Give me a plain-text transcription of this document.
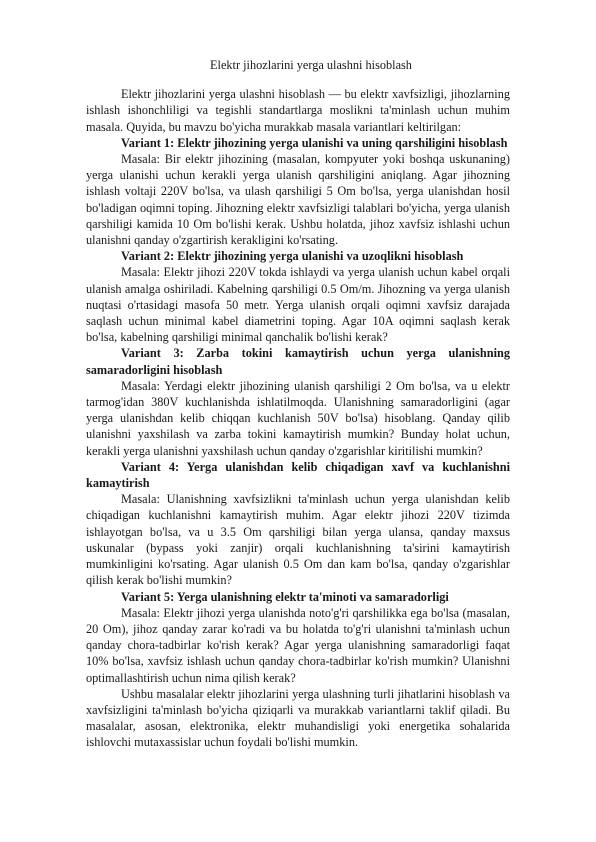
Elektr jihozlarini yerga ulashni hisoblash

Elektr jihozlarini yerga ulashni hisoblash — bu elektr xavfsizligi, jihozlarning ishlash ishonchliligi va tegishli standartlarga moslikni ta'minlash uchun muhim masala. Quyida, bu mavzu bo'yicha murakkab masala variantlari keltirilgan:

Variant 1: Elektr jihozining yerga ulanishi va uning qarshiligini hisoblash

Masala: Bir elektr jihozining (masalan, kompyuter yoki boshqa uskunaning) yerga ulanishi uchun kerakli yerga ulanish qarshiligini aniqlang. Agar jihozning ishlash voltaji 220V bo'lsa, va ulash qarshiligi 5 Om bo'lsa, yerga ulanishdan hosil bo'ladigan oqimni toping. Jihozning elektr xavfsizligi talablari bo'yicha, yerga ulanish qarshiligi kamida 10 Om bo'lishi kerak. Ushbu holatda, jihoz xavfsiz ishlashi uchun ulanishni qanday o'zgartirish kerakligini ko'rsating.

Variant 2: Elektr jihozining yerga ulanishi va uzoqlikni hisoblash

Masala: Elektr jihozi 220V tokda ishlaydi va yerga ulanish uchun kabel orqali ulanish amalga oshiriladi. Kabelning qarshiligi 0.5 Om/m. Jihozning va yerga ulanish nuqtasi o'rtasidagi masofa 50 metr. Yerga ulanish orqali oqimni xavfsiz darajada saqlash uchun minimal kabel diametrini toping. Agar 10A oqimni saqlash kerak bo'lsa, kabelning qarshiligi minimal qanchalik bo'lishi kerak?

Variant 3: Zarba tokini kamaytirish uchun yerga ulanishning samaradorligini hisoblash

Masala: Yerdagi elektr jihozining ulanish qarshiligi 2 Om bo'lsa, va u elektr tarmog'idan 380V kuchlanishda ishlatilmoqda. Ulanishning samaradorligini (agar yerga ulanishdan kelib chiqqan kuchlanish 50V bo'lsa) hisoblang. Qanday qilib ulanishni yaxshilash va zarba tokini kamaytirish mumkin? Bunday holat uchun, kerakli yerga ulanishni yaxshilash uchun qanday o'zgarishlar kiritilishi mumkin?

Variant 4: Yerga ulanishdan kelib chiqadigan xavf va kuchlanishni kamaytirish

Masala: Ulanishning xavfsizlikni ta'minlash uchun yerga ulanishdan kelib chiqadigan kuchlanishni kamaytirish muhim. Agar elektr jihozi 220V tizimda ishlayotgan bo'lsa, va u 3.5 Om qarshiligi bilan yerga ulansa, qanday maxsus uskunalar (bypass yoki zanjir) orqali kuchlanishning ta'sirini kamaytirish mumkinligini ko'rsating. Agar ulanish 0.5 Om dan kam bo'lsa, qanday o'zgarishlar qilish kerak bo'lishi mumkin?

Variant 5: Yerga ulanishning elektr ta'minoti va samaradorligi

Masala: Elektr jihozi yerga ulanishda noto'g'ri qarshilikka ega bo'lsa (masalan, 20 Om), jihoz qanday zarar ko'radi va bu holatda to'g'ri ulanishni ta'minlash uchun qanday chora-tadbirlar ko'rish kerak? Agar yerga ulanishning samaradorligi faqat 10% bo'lsa, xavfsiz ishlash uchun qanday chora-tadbirlar ko'rish mumkin? Ulanishni optimallashtirish uchun nima qilish kerak?

Ushbu masalalar elektr jihozlarini yerga ulashning turli jihatlarini hisoblash va xavfsizligini ta'minlash bo'yicha qiziqarli va murakkab variantlarni taklif qiladi. Bu masalalar, asosan, elektronika, elektr muhandisligi yoki energetika sohalarida ishlovchi mutaxassislar uchun foydali bo'lishi mumkin.
